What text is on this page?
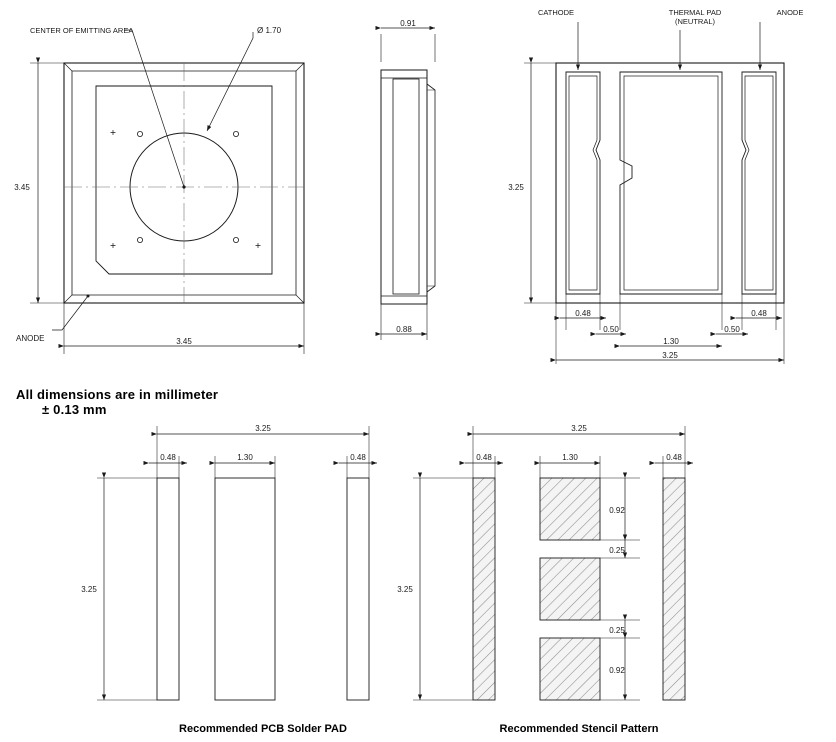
CENTER OF EMITTING AREA	Ø 1.70
ANODE
3.45
3.45
0.91
0.88
CATHODE	THERMAL PAD
(NEUTRAL)
ANODE
3.25
0.48
0.50	0.50
0.48
1.30
3.25
3.25
0.48	1.30	0.48
3.25
3.25
0.48	1.30	0.48
3.25
0.92
0.25
0.25
0.92
All dimensions are in millimeter
± 0.13 mm
Recommended PCB Solder PAD	Recommended Stencil Pattern
